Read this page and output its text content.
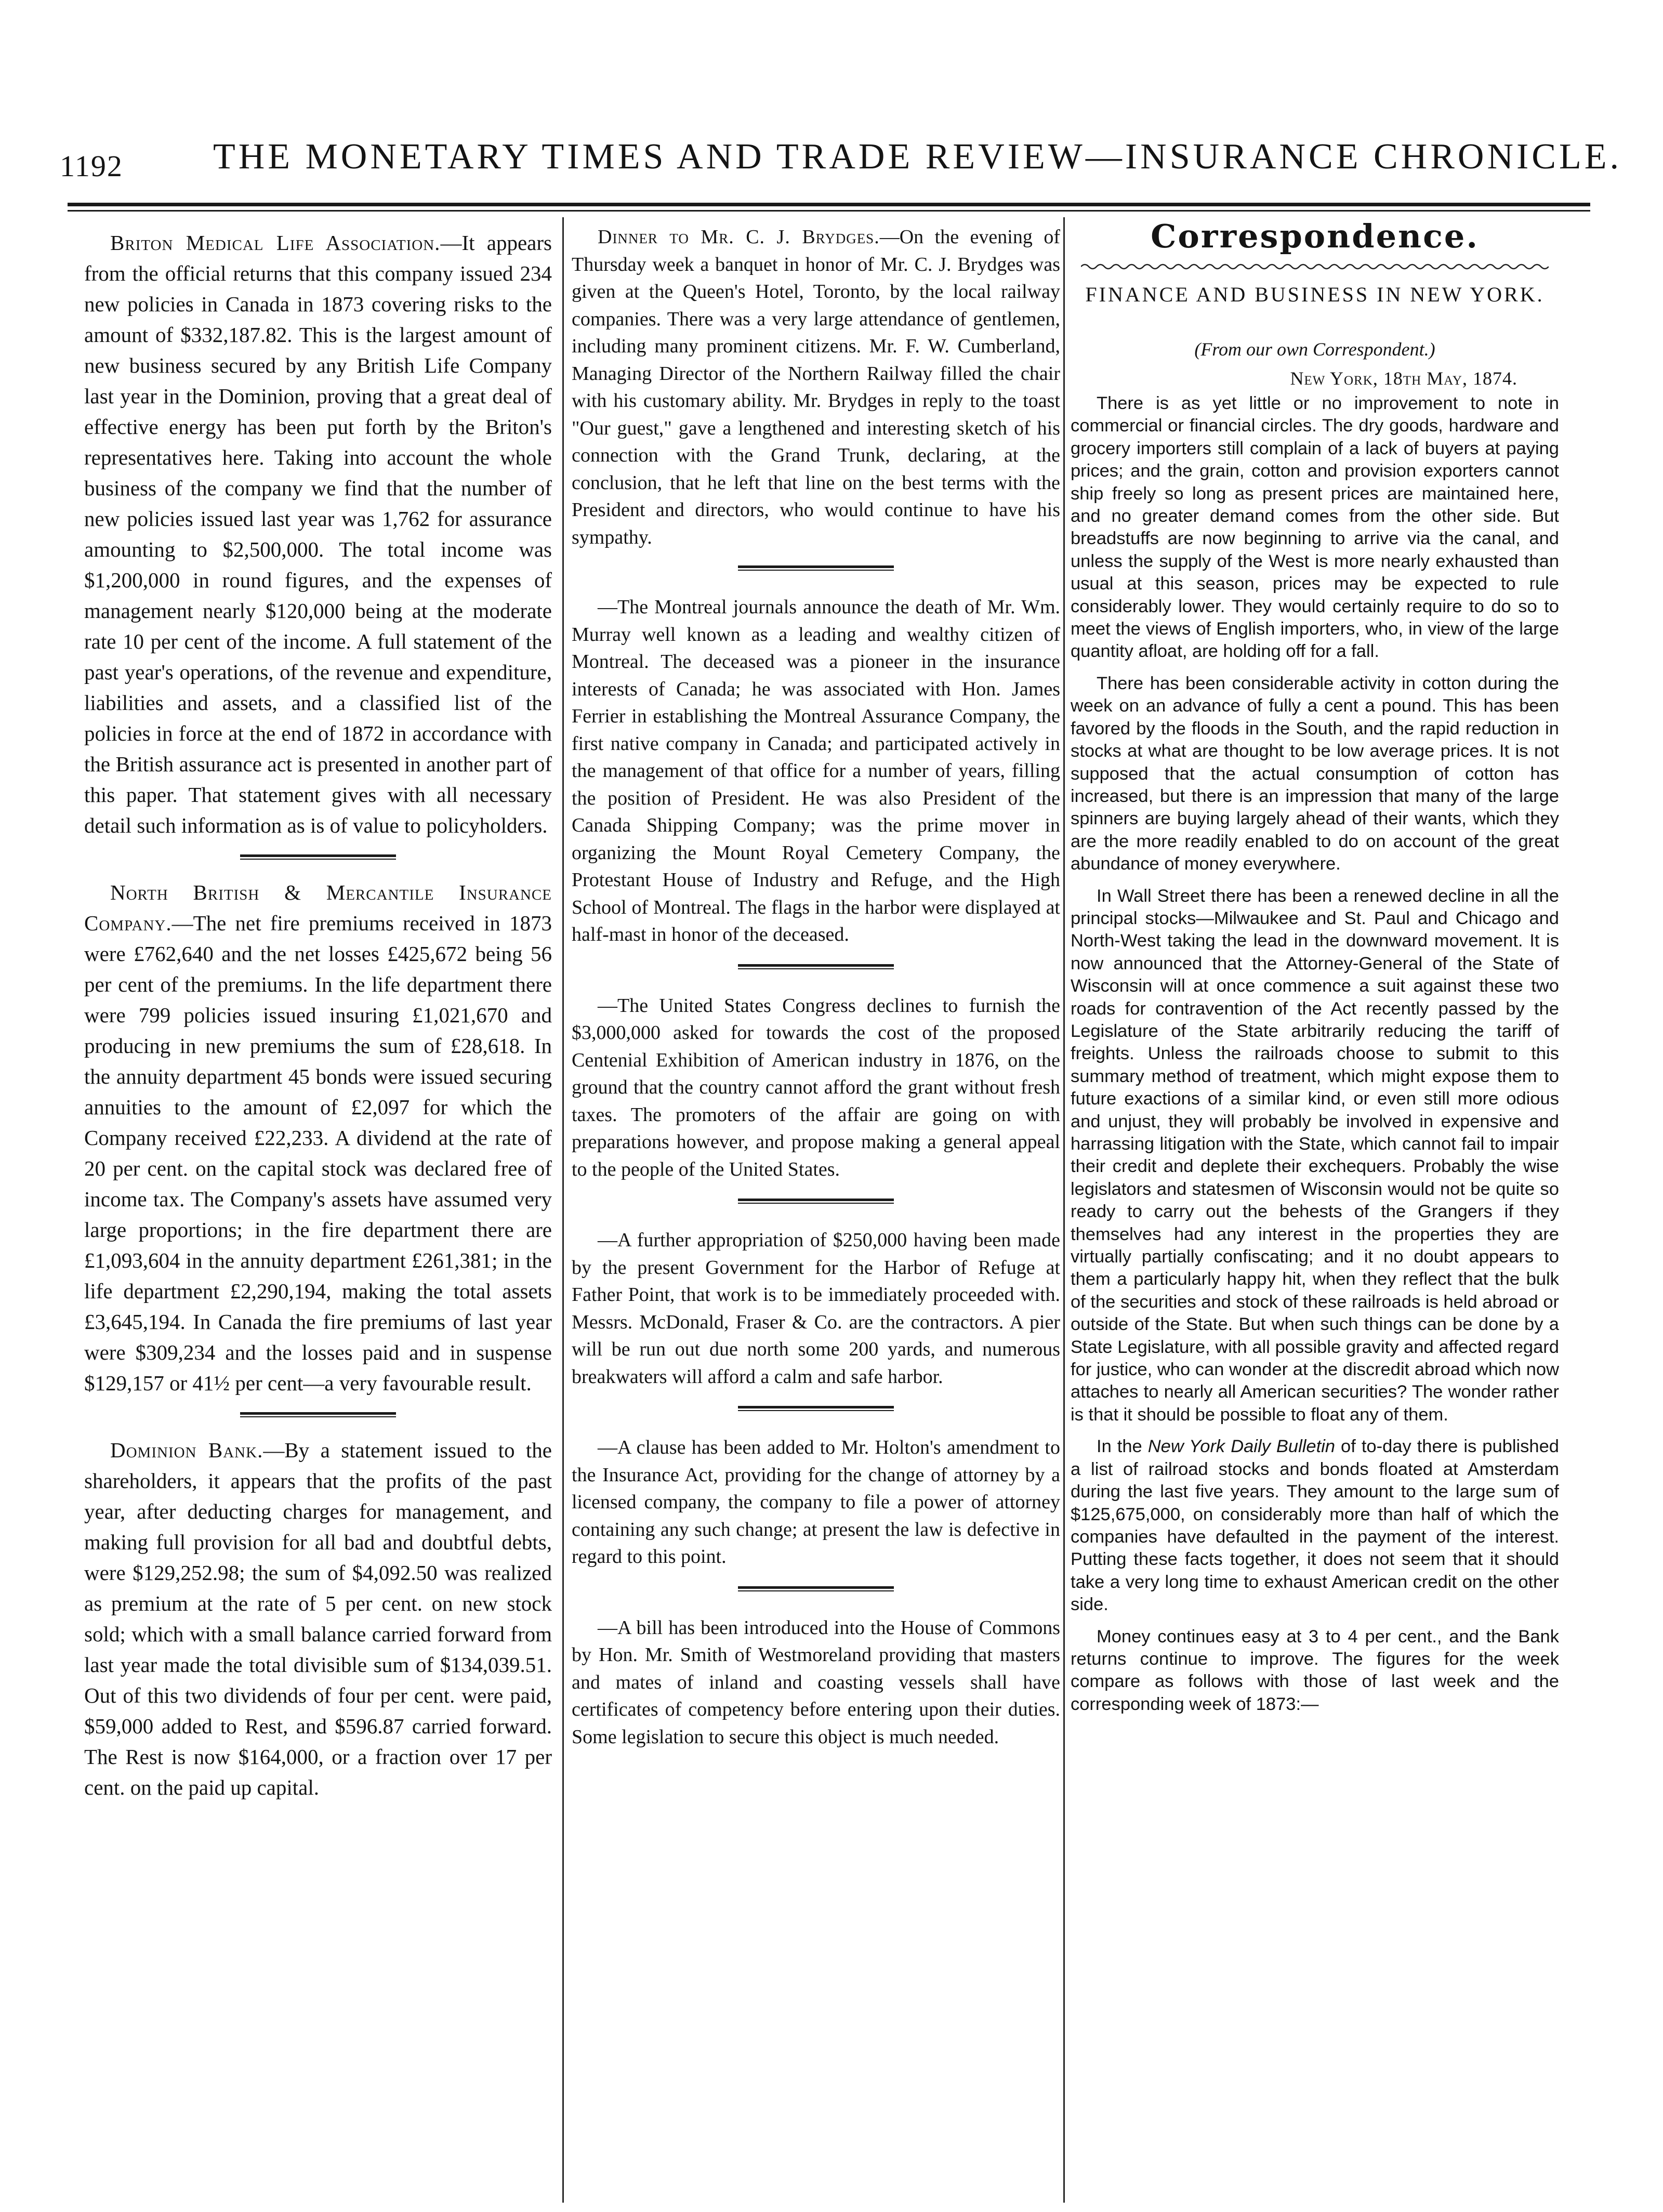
1192 THE MONETARY TIMES AND TRADE REVIEW—INSURANCE CHRONICLE.

Briton Medical Life Association.—It appears from the official returns that this company issued 234 new policies in Canada in 1873 covering risks to the amount of $332,187.82. This is the largest amount of new business secured by any British Life Company last year in the Dominion, proving that a great deal of effective energy has been put forth by the Briton's representatives here. Taking into account the whole business of the company we find that the number of new policies issued last year was 1,762 for assurance amounting to $2,500,000. The total income was $1,200,000 in round figures, and the expenses of management nearly $120,000 being at the moderate rate 10 per cent of the income. A full statement of the past year's operations, of the revenue and expenditure, liabilities and assets, and a classified list of the policies in force at the end of 1872 in accordance with the British assurance act is presented in another part of this paper. That statement gives with all necessary detail such information as is of value to policyholders.

North British & Mercantile Insurance Company.—The net fire premiums received in 1873 were £762,640 and the net losses £425,672 being 56 per cent of the premiums. In the life department there were 799 policies issued insuring £1,021,670 and producing in new premiums the sum of £28,618. In the annuity department 45 bonds were issued securing annuities to the amount of £2,097 for which the Company received £22,233. A dividend at the rate of 20 per cent. on the capital stock was declared free of income tax. The Company's assets have assumed very large proportions; in the fire department there are £1,093,604 in the annuity department £261,381; in the life department £2,290,194, making the total assets £3,645,194. In Canada the fire premiums of last year were $309,234 and the losses paid and in suspense $129,157 or 41½ per cent—a very favourable result.

Dominion Bank.—By a statement issued to the shareholders, it appears that the profits of the past year, after deducting charges for management, and making full provision for all bad and doubtful debts, were $129,252.98; the sum of $4,092.50 was realized as premium at the rate of 5 per cent. on new stock sold; which with a small balance carried forward from last year made the total divisible sum of $134,039.51. Out of this two dividends of four per cent. were paid, $59,000 added to Rest, and $596.87 carried forward. The Rest is now $164,000, or a fraction over 17 per cent. on the paid up capital.

Dinner to Mr. C. J. Brydges.—On the evening of Thursday week a banquet in honor of Mr. C. J. Brydges was given at the Queen's Hotel, Toronto, by the local railway companies. There was a very large attendance of gentlemen, including many prominent citizens. Mr. F. W. Cumberland, Managing Director of the Northern Railway filled the chair with his customary ability. Mr. Brydges in reply to the toast "Our guest," gave a lengthened and interesting sketch of his connection with the Grand Trunk, declaring, at the conclusion, that he left that line on the best terms with the President and directors, who would continue to have his sympathy.

—The Montreal journals announce the death of Mr. Wm. Murray well known as a leading and wealthy citizen of Montreal. The deceased was a pioneer in the insurance interests of Canada; he was associated with Hon. James Ferrier in establishing the Montreal Assurance Company, the first native company in Canada; and participated actively in the management of that office for a number of years, filling the position of President. He was also President of the Canada Shipping Company; was the prime mover in organizing the Mount Royal Cemetery Company, the Protestant House of Industry and Refuge, and the High School of Montreal. The flags in the harbor were displayed at half-mast in honor of the deceased.

—The United States Congress declines to furnish the $3,000,000 asked for towards the cost of the proposed Centenial Exhibition of American industry in 1876, on the ground that the country cannot afford the grant without fresh taxes. The promoters of the affair are going on with preparations however, and propose making a general appeal to the people of the United States.

—A further appropriation of $250,000 having been made by the present Government for the Harbor of Refuge at Father Point, that work is to be immediately proceeded with. Messrs. McDonald, Fraser & Co. are the contractors. A pier will be run out due north some 200 yards, and numerous breakwaters will afford a calm and safe harbor.

—A clause has been added to Mr. Holton's amendment to the Insurance Act, providing for the change of attorney by a licensed company, the company to file a power of attorney containing any such change; at present the law is defective in regard to this point.

—A bill has been introduced into the House of Commons by Hon. Mr. Smith of Westmoreland providing that masters and mates of inland and coasting vessels shall have certificates of competency before entering upon their duties. Some legislation to secure this object is much needed.

Correspondence.

FINANCE AND BUSINESS IN NEW YORK.

(From our own Correspondent.)

New York, 18th May, 1874.

There is as yet little or no improvement to note in commercial or financial circles. The dry goods, hardware and grocery importers still complain of a lack of buyers at paying prices; and the grain, cotton and provision exporters cannot ship freely so long as present prices are maintained here, and no greater demand comes from the other side. But breadstuffs are now beginning to arrive via the canal, and unless the supply of the West is more nearly exhausted than usual at this season, prices may be expected to rule considerably lower. They would certainly require to do so to meet the views of English importers, who, in view of the large quantity afloat, are holding off for a fall.

There has been considerable activity in cotton during the week on an advance of fully a cent a pound. This has been favored by the floods in the South, and the rapid reduction in stocks at what are thought to be low average prices. It is not supposed that the actual consumption of cotton has increased, but there is an impression that many of the large spinners are buying largely ahead of their wants, which they are the more readily enabled to do on account of the great abundance of money everywhere.

In Wall Street there has been a renewed decline in all the principal stocks—Milwaukee and St. Paul and Chicago and North-West taking the lead in the downward movement. It is now announced that the Attorney-General of the State of Wisconsin will at once commence a suit against these two roads for contravention of the Act recently passed by the Legislature of the State arbitrarily reducing the tariff of freights. Unless the railroads choose to submit to this summary method of treatment, which might expose them to future exactions of a similar kind, or even still more odious and unjust, they will probably be involved in expensive and harrassing litigation with the State, which cannot fail to impair their credit and deplete their exchequers. Probably the wise legislators and statesmen of Wisconsin would not be quite so ready to carry out the behests of the Grangers if they themselves had any interest in the properties they are virtually partially confiscating; and it no doubt appears to them a particularly happy hit, when they reflect that the bulk of the securities and stock of these railroads is held abroad or outside of the State. But when such things can be done by a State Legislature, with all possible gravity and affected regard for justice, who can wonder at the discredit abroad which now attaches to nearly all American securities? The wonder rather is that it should be possible to float any of them.

In the New York Daily Bulletin of to-day there is published a list of railroad stocks and bonds floated at Amsterdam during the last five years. They amount to the large sum of $125,675,000, on considerably more than half of which the companies have defaulted in the payment of the interest. Putting these facts together, it does not seem that it should take a very long time to exhaust American credit on the other side.

Money continues easy at 3 to 4 per cent., and the Bank returns continue to improve. The figures for the week compare as follows with those of last week and the corresponding week of 1873:—
